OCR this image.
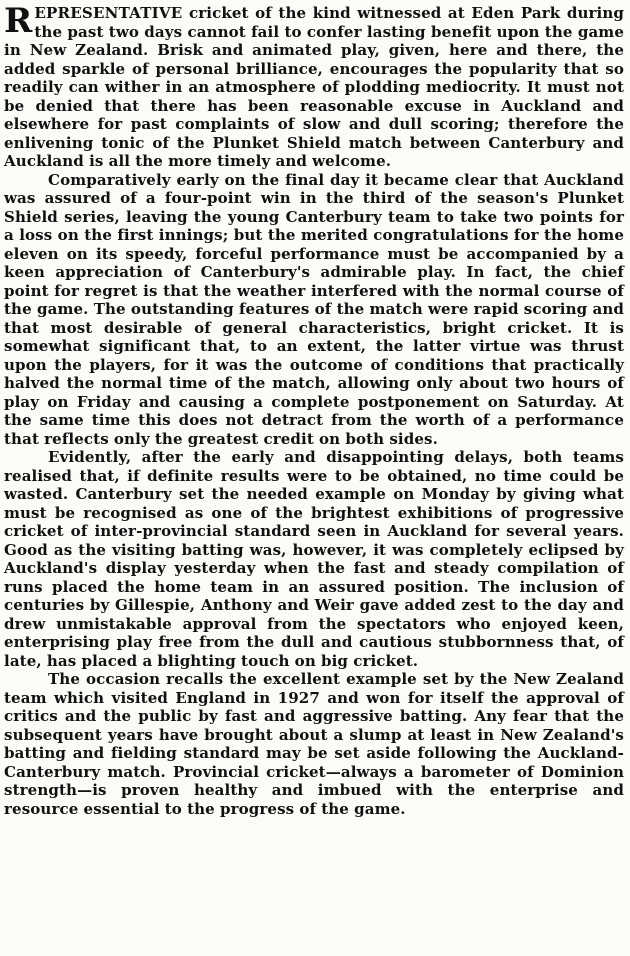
REPRESENTATIVE cricket of the kind witnessed at Eden Park during the past two days cannot fail to confer lasting benefit upon the game in New Zealand. Brisk and animated play, given, here and there, the added sparkle of personal brilliance, encourages the popularity that so readily can wither in an atmosphere of plodding mediocrity. It must not be denied that there has been reasonable excuse in Auckland and elsewhere for past complaints of slow and dull scoring; therefore the enlivening tonic of the Plunket Shield match between Canterbury and Auckland is all the more timely and welcome.

Comparatively early on the final day it became clear that Auckland was assured of a four-point win in the third of the season's Plunket Shield series, leaving the young Canterbury team to take two points for a loss on the first innings; but the merited congratulations for the home eleven on its speedy, forceful performance must be accompanied by a keen appreciation of Canterbury's admirable play. In fact, the chief point for regret is that the weather interfered with the normal course of the game. The outstanding features of the match were rapid scoring and that most desirable of general characteristics, bright cricket. It is somewhat significant that, to an extent, the latter virtue was thrust upon the players, for it was the outcome of conditions that practically halved the normal time of the match, allowing only about two hours of play on Friday and causing a complete postponement on Saturday. At the same time this does not detract from the worth of a performance that reflects only the greatest credit on both sides.

Evidently, after the early and disappointing delays, both teams realised that, if definite results were to be obtained, no time could be wasted. Canterbury set the needed example on Monday by giving what must be recognised as one of the brightest exhibitions of progressive cricket of inter-provincial standard seen in Auckland for several years. Good as the visiting batting was, however, it was completely eclipsed by Auckland's display yesterday when the fast and steady compilation of runs placed the home team in an assured position. The inclusion of centuries by Gillespie, Anthony and Weir gave added zest to the day and drew unmistakable approval from the spectators who enjoyed keen, enterprising play free from the dull and cautious stubbornness that, of late, has placed a blighting touch on big cricket.

The occasion recalls the excellent example set by the New Zealand team which visited England in 1927 and won for itself the approval of critics and the public by fast and aggressive batting. Any fear that the subsequent years have brought about a slump at least in New Zealand's batting and fielding standard may be set aside following the Auckland-Canterbury match. Provincial cricket—always a barometer of Dominion strength—is proven healthy and imbued with the enterprise and resource essential to the progress of the game.
